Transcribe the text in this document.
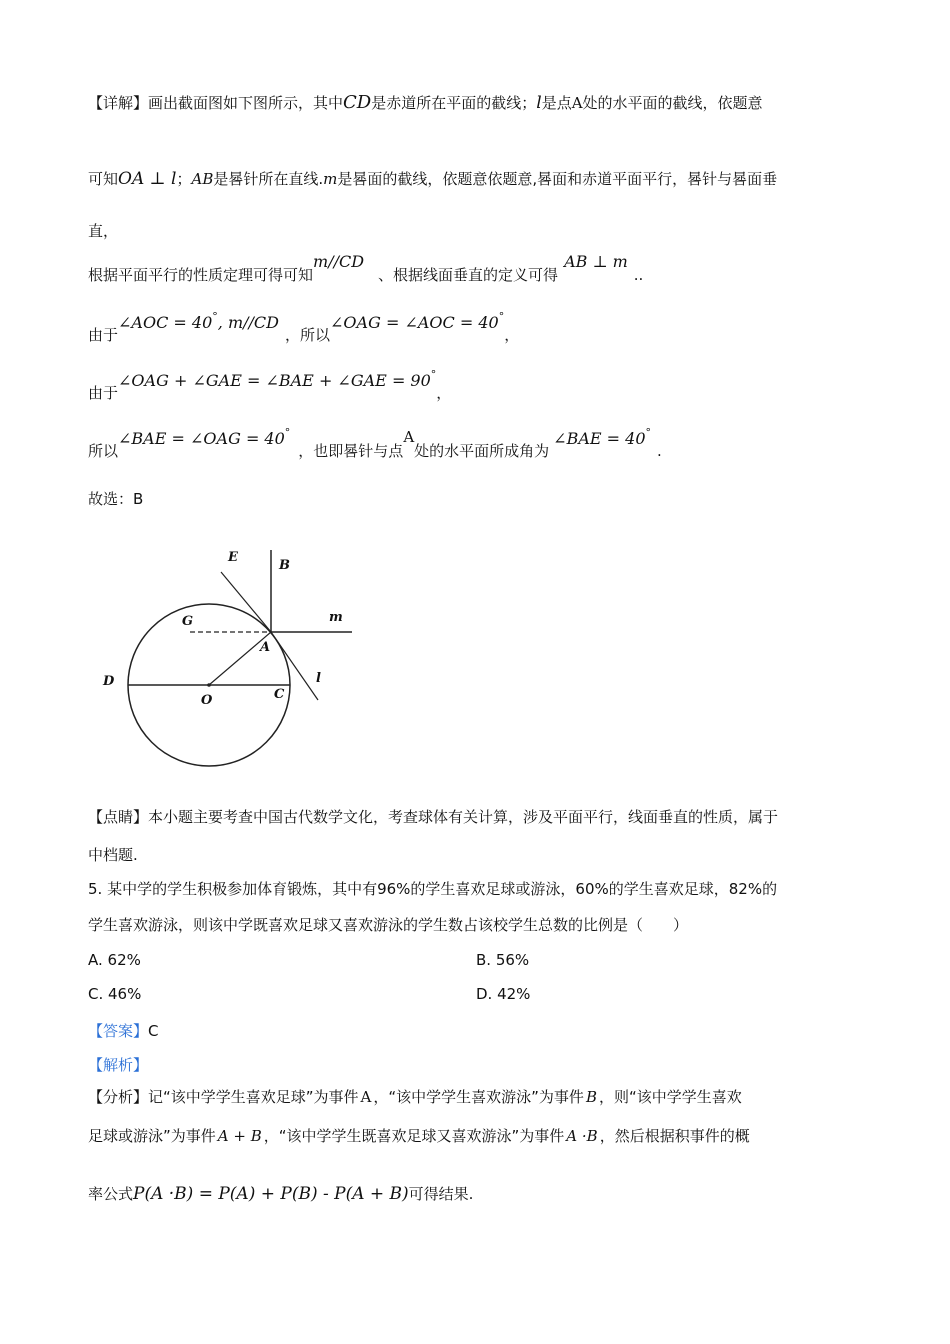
【详解】画出截面图如下图所示，其中CD是赤道所在平面的截线；l是点A处的水平面的截线，依题意
可知OA ⊥ l；AB是晷针所在直线.m是晷面的截线，依题意依题意,晷面和赤道平面平行，晷针与晷面垂
直，
根据平面平行的性质定理可得可知m//CD、根据线面垂直的定义可得AB ⊥ m..
由于∠AOC = 40°, m//CD，所以∠OAG = ∠AOC = 40°，
由于∠OAG + ∠GAE = ∠BAE + ∠GAE = 90°，
所以∠BAE = ∠OAG = 40°，也即晷针与点A处的水平面所成角为∠BAE = 40°.
故选：B
E
B
G	m
A
l
D
O	C
【点睛】本小题主要考查中国古代数学文化，考查球体有关计算，涉及平面平行，线面垂直的性质，属于
中档题.
5. 某中学的学生积极参加体育锻炼，其中有96%的学生喜欢足球或游泳，60%的学生喜欢足球，82%的
学生喜欢游泳，则该中学既喜欢足球又喜欢游泳的学生数占该校学生总数的比例是（　　）
A. 62%	B. 56%
C. 46%	D. 42%
【答案】C
【解析】
【分析】记“该中学学生喜欢足球”为事件 A ，“该中学学生喜欢游泳”为事件 B ，则“该中学学生喜欢
足球或游泳”为事件 A + B ，“该中学学生既喜欢足球又喜欢游泳”为事件 A ·B ，然后根据积事件的概
率公式P(A ·B) = P(A) + P(B) - P(A + B)可得结果.
